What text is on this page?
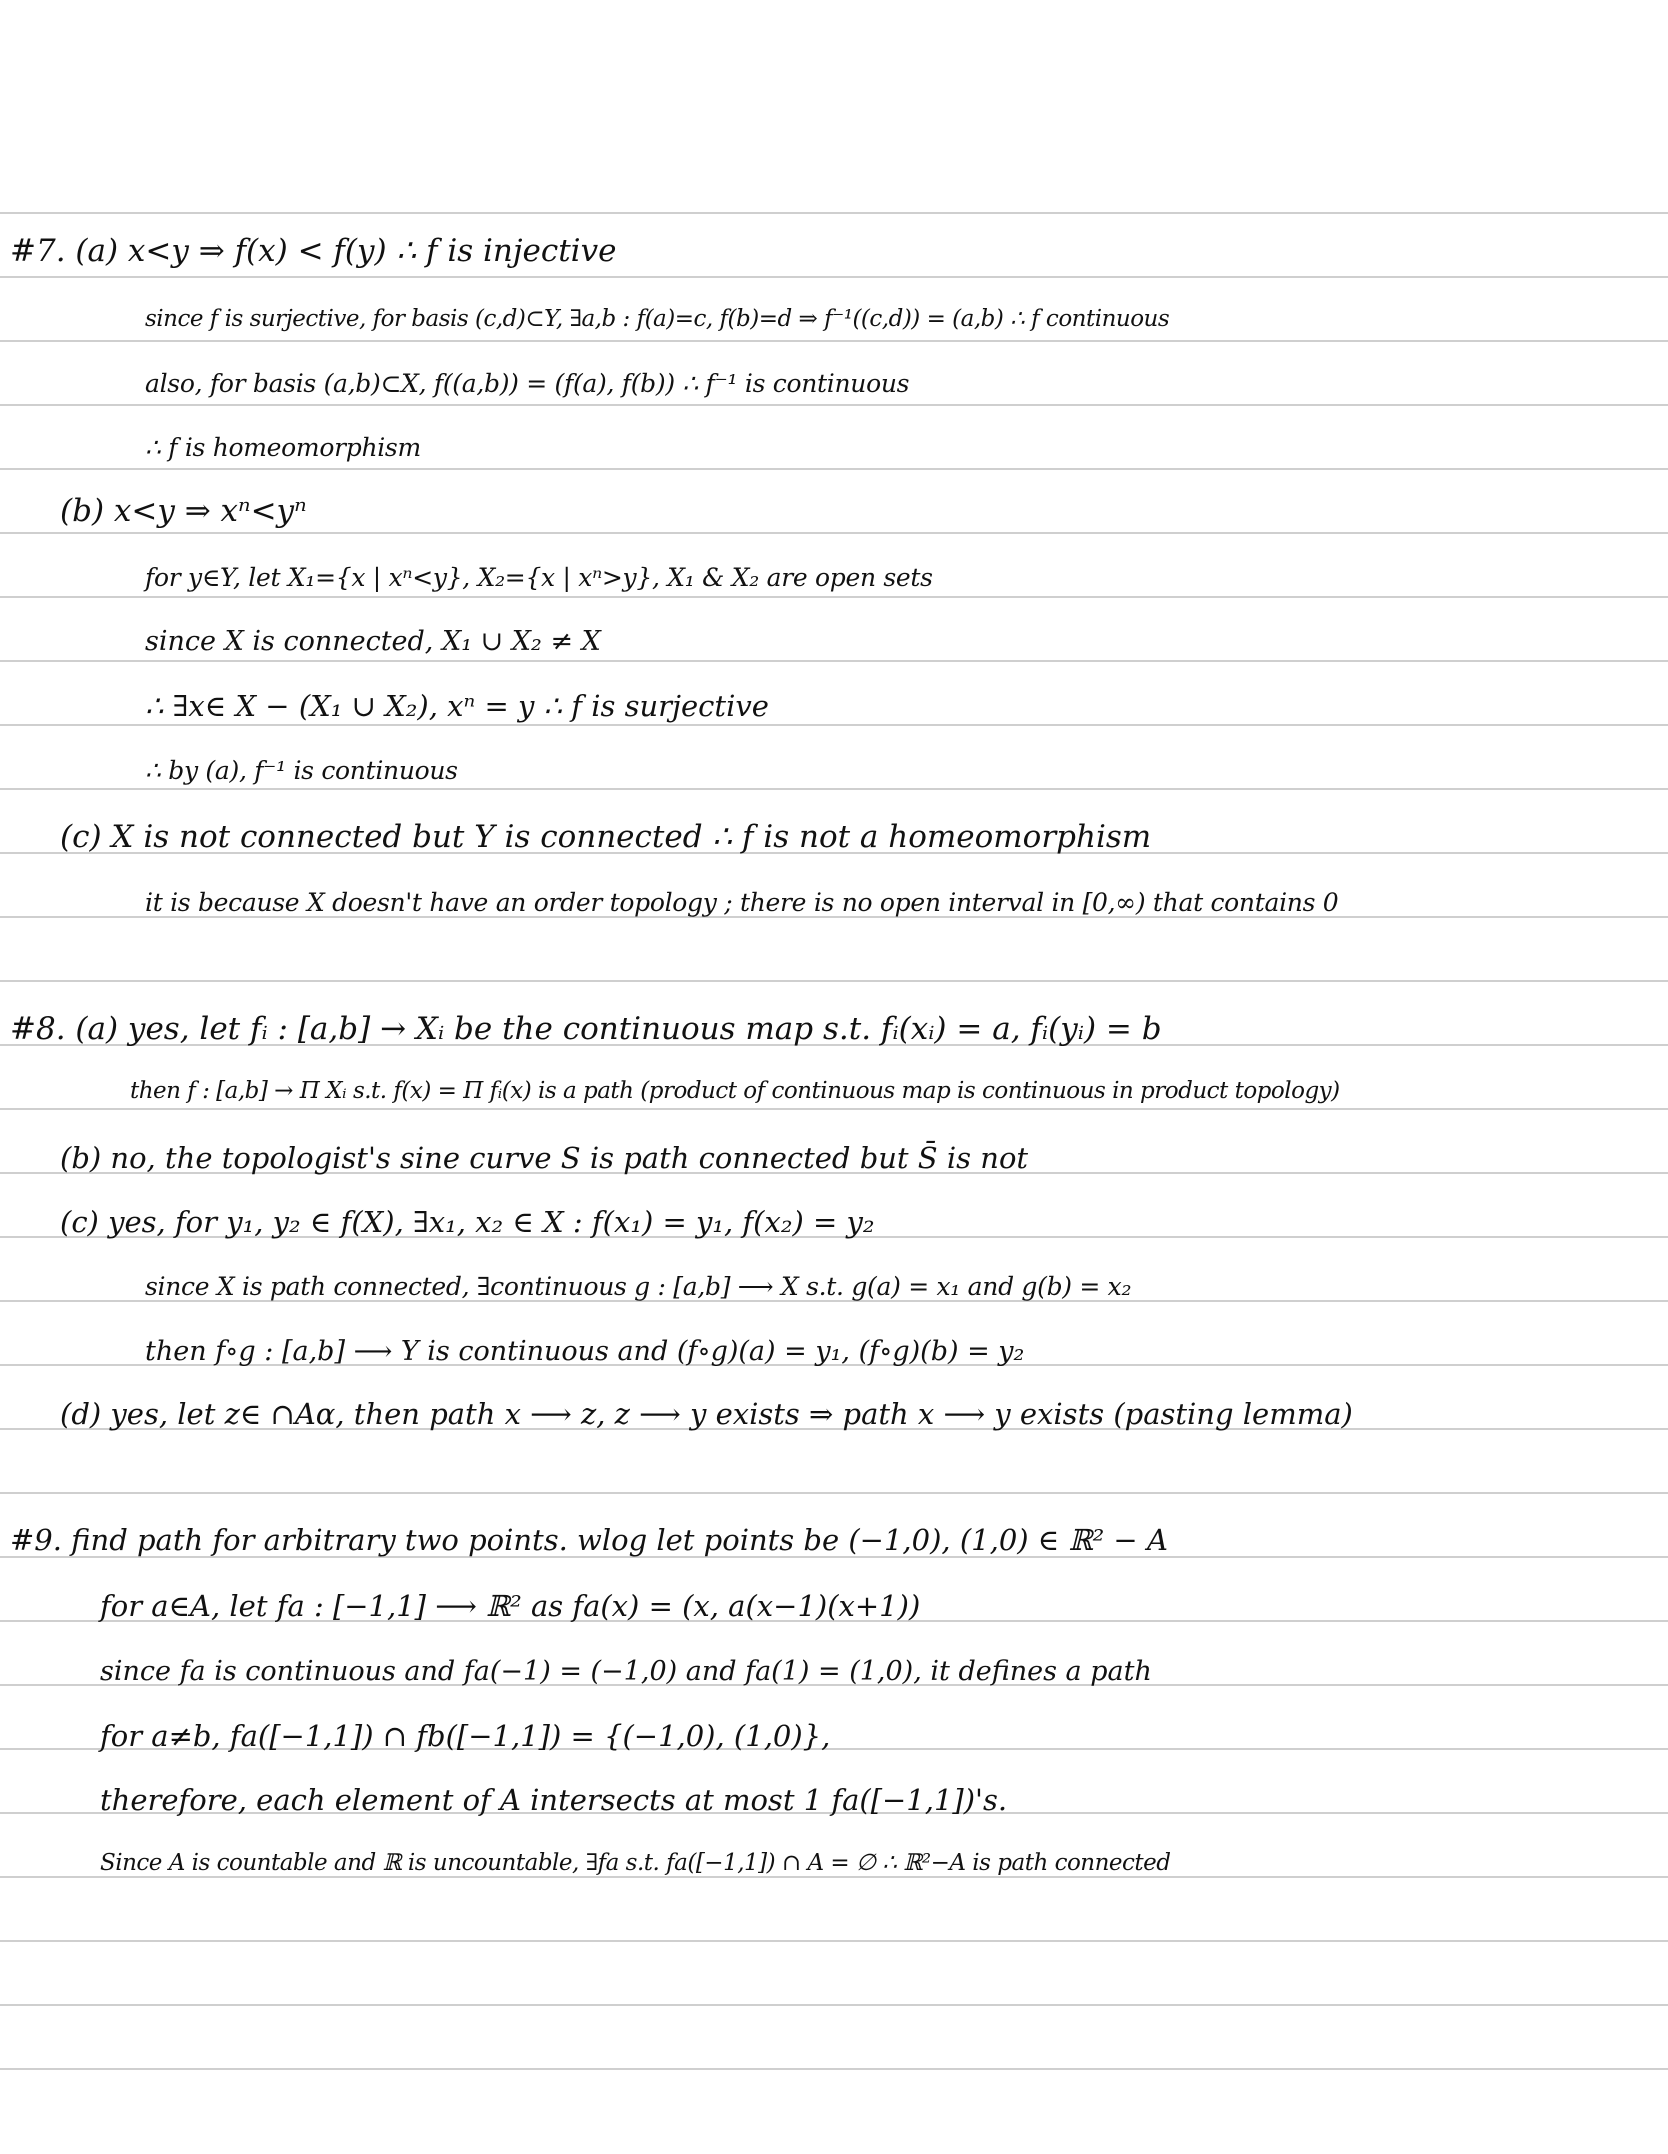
#7. (a) x<y ⇒ f(x) < f(y) ∴ f is injective
since f is surjective, for basis (c,d)⊂Y, ∃a,b : f(a)=c, f(b)=d ⇒ f⁻¹((c,d)) = (a,b) ∴ f continuous
also, for basis (a,b)⊂X, f((a,b)) = (f(a), f(b)) ∴ f⁻¹ is continuous
∴ f is homeomorphism
(b) x<y ⇒ xⁿ<yⁿ
for y∈Y, let X₁={x | xⁿ<y}, X₂={x | xⁿ>y}, X₁ & X₂ are open sets
since X is connected, X₁ ∪ X₂ ≠ X
∴ ∃x∈ X − (X₁ ∪ X₂), xⁿ = y ∴ f is surjective
∴ by (a), f⁻¹ is continuous
(c) X is not connected but Y is connected ∴ f is not a homeomorphism
it is because X doesn't have an order topology ; there is no open interval in [0,∞) that contains 0
#8. (a) yes, let fᵢ : [a,b] → Xᵢ be the continuous map s.t. fᵢ(xᵢ) = a, fᵢ(yᵢ) = b
then f : [a,b] → Π Xᵢ s.t. f(x) = Π fᵢ(x) is a path (product of continuous map is continuous in product topology)
(b) no, the topologist's sine curve S is path connected but S̄ is not
(c) yes, for y₁, y₂ ∈ f(X), ∃x₁, x₂ ∈ X : f(x₁) = y₁, f(x₂) = y₂
since X is path connected, ∃continuous g : [a,b] ⟶ X s.t. g(a) = x₁ and g(b) = x₂
then f∘g : [a,b] ⟶ Y is continuous and (f∘g)(a) = y₁, (f∘g)(b) = y₂
(d) yes, let z∈ ∩Aα, then path x ⟶ z, z ⟶ y exists ⇒ path x ⟶ y exists (pasting lemma)
#9. find path for arbitrary two points. wlog let points be (−1,0), (1,0) ∈ ℝ² − A
for a∈A, let fa : [−1,1] ⟶ ℝ² as fa(x) = (x, a(x−1)(x+1))
since fa is continuous and fa(−1) = (−1,0) and fa(1) = (1,0), it defines a path
for a≠b, fa([−1,1]) ∩ fb([−1,1]) = {(−1,0), (1,0)},
therefore, each element of A intersects at most 1 fa([−1,1])'s.
Since A is countable and ℝ is uncountable, ∃fa s.t. fa([−1,1]) ∩ A = ∅ ∴ ℝ²−A is path connected
